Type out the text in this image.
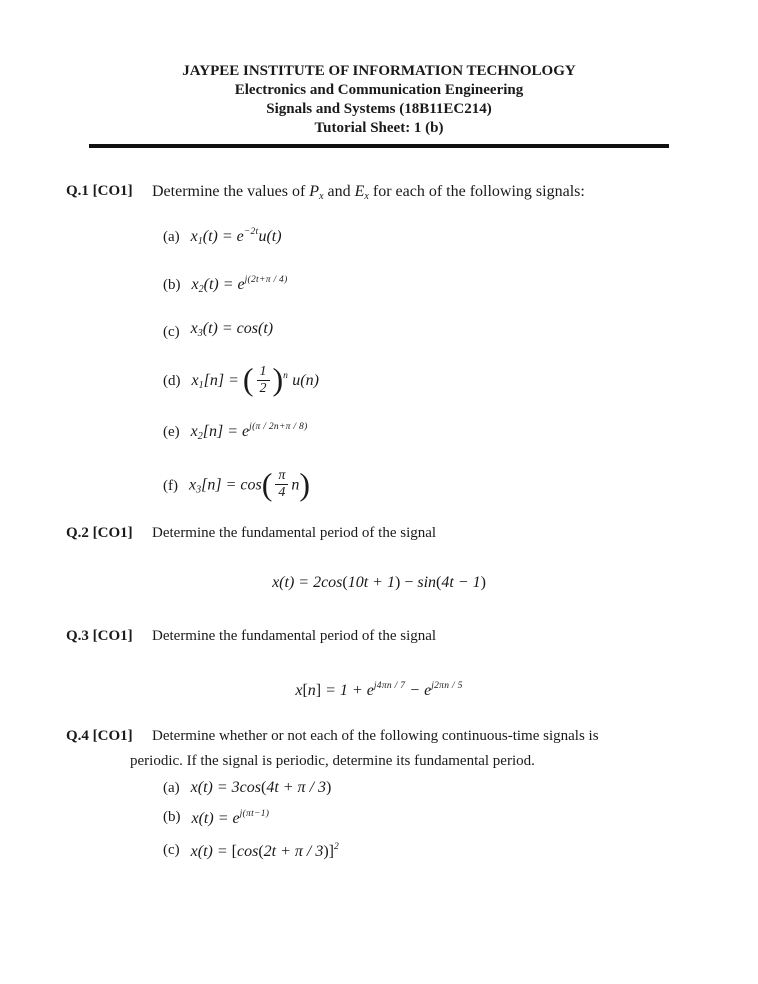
JAYPEE INSTITUTE OF INFORMATION TECHNOLOGY
Electronics and Communication Engineering
Signals and Systems (18B11EC214)
Tutorial Sheet: 1 (b)
Q.1 [CO1]	Determine the values of $P_x$ and $E_x$ for each of the following signals:
(a) $x_1(t) = e^{-2t}u(t)$
(b) $x_2(t) = e^{j(2t+\pi / 4)}$
(c) $x_3(t) = \cos(t)$
(d) $x_1[n]$ = ( $\frac{1}{2} )^n$ u(n)
(e) $x_2[n] = e^{j(\pi / 2n+\pi / 8)}$
(f) $x_3[n] = \cos( \frac{\pi}{4} n)$
Q.2 [CO1]	Determine the fundamental period of the signal
x(t) = 2cos(10t + 1) − sin(4t − 1)
Q.3 [CO1]	Determine the fundamental period of the signal
$x[n] = 1 + e^{j4\pi n / 7} - e^{j2\pi n / 5}$
Q.4 [CO1]	Determine whether or not each of the following continuous-time signals is
periodic. If the signal is periodic, determine its fundamental period.
(a) x(t) = 3cos(4t + π / 3)
(b) $x(t) = e^{j(\pi t-1)}$
(c) $x(t) = [\cos(2t + \pi / 3)]^2$
